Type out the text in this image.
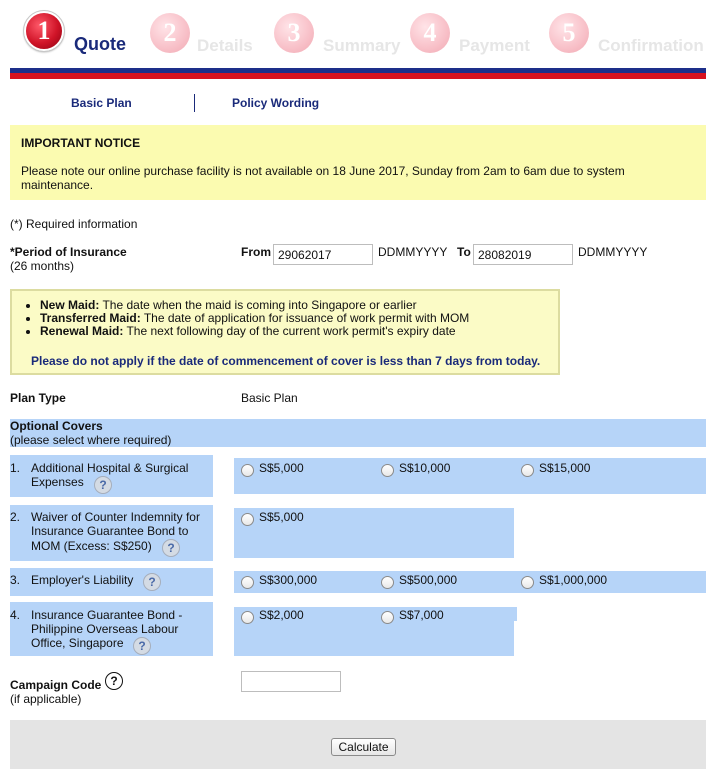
1 Quote 2 Details 3 Summary 4 Payment 5 Confirmation
Basic Plan	Policy Wording
IMPORTANT NOTICE
Please note our online purchase facility is not available on 18 June 2017, Sunday from 2am to 6am due to system maintenance.
(*) Required information
*Period of Insurance
(26 months)
From 29062017	DDMMYYYY To 28082019	DDMMYYYY
• New Maid: The date when the maid is coming into Singapore or earlier
• Transferred Maid: The date of application for issuance of work permit with MOM
• Renewal Maid: The next following day of the current work permit's expiry date
Please do not apply if the date of commencement of cover is less than 7 days from today.
Plan Type	Basic Plan
Optional Covers
(please select where required)
1. Additional Hospital & Surgical
Expenses ?
S$5,000	S$10,000	S$15,000
2. Waiver of Counter Indemnity for
Insurance Guarantee Bond to
MOM (Excess: S$250) ?
S$5,000
3. Employer's Liability ?	S$300,000	S$500,000	S$1,000,000
4. Insurance Guarantee Bond -
Philippine Overseas Labour
Office, Singapore ?
S$2,000	S$7,000
Campaign Code ?
(if applicable)
Calculate
